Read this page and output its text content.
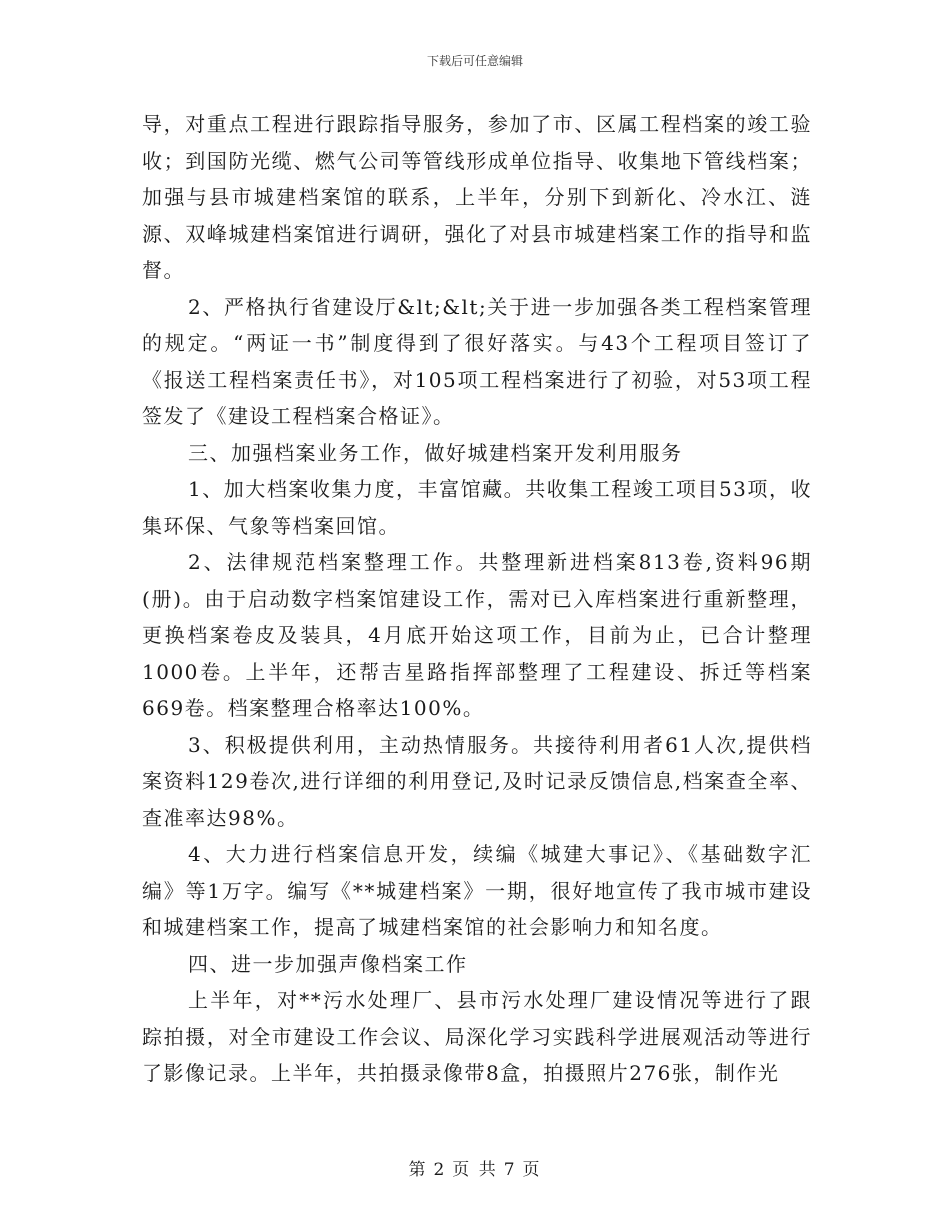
下载后可任意编辑

导，对重点工程进行跟踪指导服务，参加了市、区属工程档案的竣工验收；到国防光缆、燃气公司等管线形成单位指导、收集地下管线档案；加强与县市城建档案馆的联系，上半年，分别下到新化、冷水江、涟源、双峰城建档案馆进行调研，强化了对县市城建档案工作的指导和监督。

2、严格执行省建设厅&lt;&lt;关于进一步加强各类工程档案管理的规定。“两证一书”制度得到了很好落实。与43个工程项目签订了《报送工程档案责任书》，对105项工程档案进行了初验，对53项工程签发了《建设工程档案合格证》。

三、加强档案业务工作，做好城建档案开发利用服务

1、加大档案收集力度，丰富馆藏。共收集工程竣工项目53项，收集环保、气象等档案回馆。

2、法律规范档案整理工作。共整理新进档案813卷,资料96期(册)。由于启动数字档案馆建设工作，需对已入库档案进行重新整理，更换档案卷皮及装具，4月底开始这项工作，目前为止，已合计整理1000卷。上半年，还帮吉星路指挥部整理了工程建设、拆迁等档案669卷。档案整理合格率达100%。

3、积极提供利用，主动热情服务。共接待利用者61人次,提供档案资料129卷次,进行详细的利用登记,及时记录反馈信息,档案查全率、查准率达98%。

4、大力进行档案信息开发，续编《城建大事记》、《基础数字汇编》等1万字。编写《**城建档案》一期，很好地宣传了我市城市建设和城建档案工作，提高了城建档案馆的社会影响力和知名度。

四、进一步加强声像档案工作

上半年，对**污水处理厂、县市污水处理厂建设情况等进行了跟踪拍摄，对全市建设工作会议、局深化学习实践科学进展观活动等进行了影像记录。上半年，共拍摄录像带8盒，拍摄照片276张，制作光

第 2 页 共 7 页
